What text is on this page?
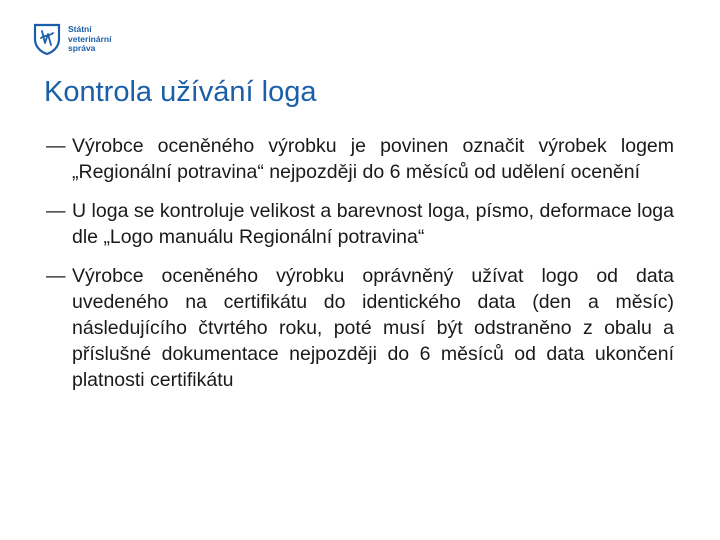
Státní
veterinární
správa
Kontrola užívání loga
— Výrobce oceněného výrobku je povinen označit výrobek logem „Regionální potravina“ nejpozději do 6 měsíců od udělení ocenění
— U loga se kontroluje velikost a barevnost loga, písmo, deformace loga dle „Logo manuálu Regionální potravina“
— Výrobce oceněného výrobku oprávněný užívat logo od data uvedeného na certifikátu do identického data (den a měsíc) následujícího čtvrtého roku, poté musí být odstraněno z obalu a příslušné dokumentace nejpozději do 6 měsíců od data ukončení platnosti certifikátu
